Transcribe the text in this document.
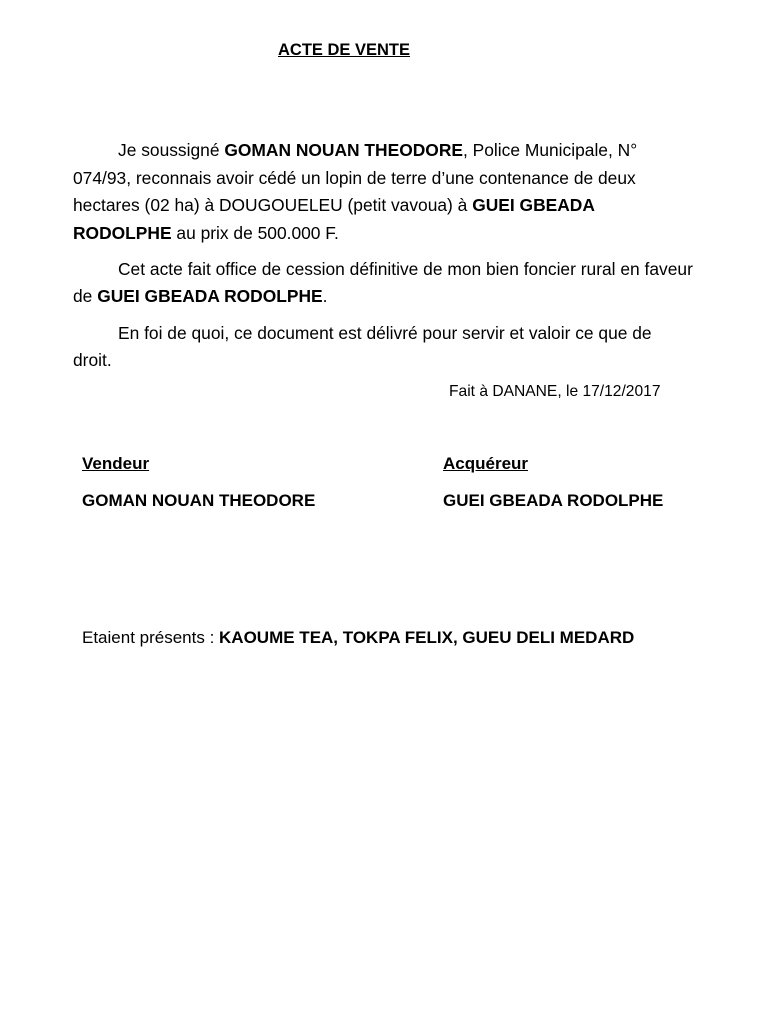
ACTE DE VENTE

Je soussigné GOMAN NOUAN THEODORE, Police Municipale, N° 074/93, reconnais avoir cédé un lopin de terre d’une contenance de deux hectares (02 ha) à DOUGOUELEU (petit vavoua) à GUEI GBEADA RODOLPHE au prix de 500.000 F.

Cet acte fait office de cession définitive de mon bien foncier rural en faveur de GUEI GBEADA RODOLPHE.

En foi de quoi, ce document est délivré pour servir et valoir ce que de droit.

Fait à DANANE, le 17/12/2017
Vendeur	Acquéreur
GOMAN NOUAN THEODORE	GUEI GBEADA RODOLPHE
Etaient présents : KAOUME TEA, TOKPA FELIX, GUEU DELI MEDARD
